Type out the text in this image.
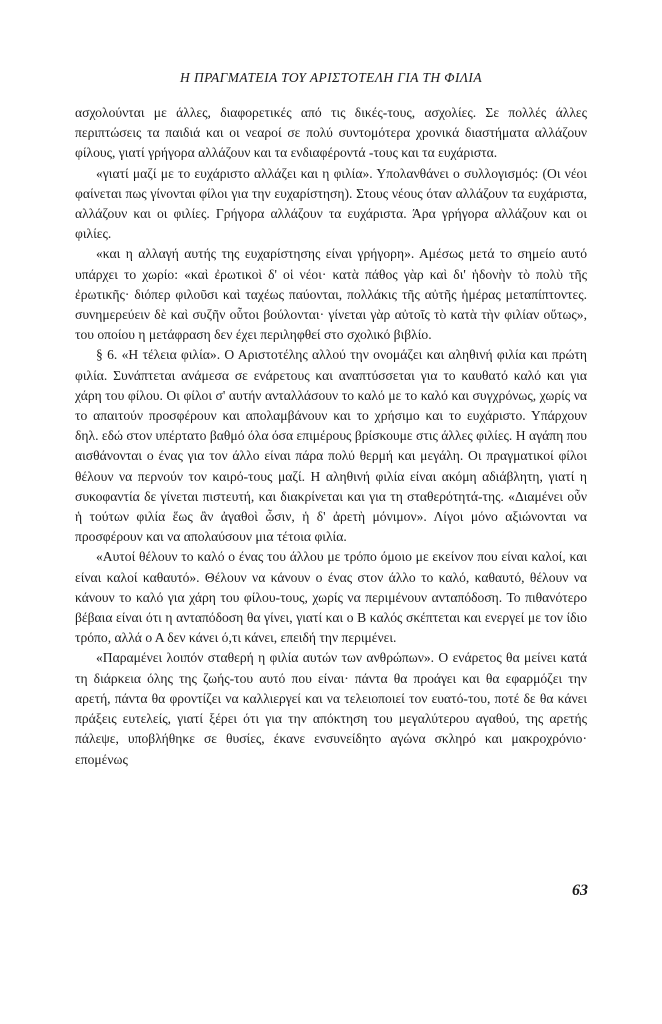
Η ΠΡΑΓΜΑΤΕΙΑ ΤΟΥ ΑΡΙΣΤΟΤΕΛΗ ΓΙΑ ΤΗ ΦΙΛΙΑ

ασχολούνται με άλλες, διαφορετικές από τις δικές-τους, ασχολίες. Σε πολλές άλλες περιπτώσεις τα παιδιά και οι νεαροί σε πολύ συντομότερα χρονικά διαστήματα αλλάζουν φίλους, γιατί γρήγορα αλλάζουν και τα ενδιαφέροντά -τους και τα ευχάριστα.

«γιατί μαζί με το ευχάριστο αλλάζει και η φιλία». Υπολανθάνει ο συλλογισμός: (Οι νέοι φαίνεται πως γίνονται φίλοι για την ευχαρίστηση). Στους νέους όταν αλλάζουν τα ευχάριστα, αλλάζουν και οι φιλίες. Γρήγορα αλλάζουν τα ευχάριστα. Άρα γρήγορα αλλάζουν και οι φιλίες.

«και η αλλαγή αυτής της ευχαρίστησης είναι γρήγορη». Αμέσως μετά το σημείο αυτό υπάρχει το χωρίο: «καὶ ἐρωτικοὶ δ' οἱ νέοι· κατὰ πάθος γὰρ καὶ δι' ἡδονὴν τὸ πολὺ τῆς ἐρωτικῆς· διόπερ φιλοῦσι καὶ ταχέως παύονται, πολλάκις τῆς αὐτῆς ἡμέρας μεταπίπτοντες. συνημερεύειν δὲ καὶ συζῆν οὗτοι βούλονται· γίνεται γὰρ αὐτοῖς τὸ κατὰ τὴν φιλίαν οὕτως», του οποίου η μετάφραση δεν έχει περιληφθεί στο σχολικό βιβλίο.

§ 6. «Η τέλεια φιλία». Ο Αριστοτέλης αλλού την ονομάζει και αληθινή φιλία και πρώτη φιλία. Συνάπτεται ανάμεσα σε ενάρετους και αναπτύσσεται για το καυθατό καλό και για χάρη του φίλου. Οι φίλοι σ' αυτήν ανταλλάσουν το καλό με το καλό και συγχρόνως, χωρίς να το απαιτούν προσφέρουν και απολαμβάνουν και το χρήσιμο και το ευχάριστο. Υπάρχουν δηλ. εδώ στον υπέρτατο βαθμό όλα όσα επιμέρους βρίσκουμε στις άλλες φιλίες. Η αγάπη που αισθάνονται ο ένας για τον άλλο είναι πάρα πολύ θερμή και μεγάλη. Οι πραγματικοί φίλοι θέλουν να περνούν τον καιρό-τους μαζί. Η αληθινή φιλία είναι ακόμη αδιάβλητη, γιατί η συκοφαντία δε γίνεται πιστευτή, και διακρίνεται και για τη σταθερότητά-της. «Διαμένει οὖν ἡ τούτων φιλία ἕως ἂν ἀγαθοὶ ὦσιν, ἡ δ' ἀρετὴ μόνιμον». Λίγοι μόνο αξιώνονται να προσφέρουν και να απολαύσουν μια τέτοια φιλία.

«Αυτοί θέλουν το καλό ο ένας του άλλου με τρόπο όμοιο με εκείνον που είναι καλοί, και είναι καλοί καθαυτό». Θέλουν να κάνουν ο ένας στον άλλο το καλό, καθαυτό, θέλουν να κάνουν το καλό για χάρη του φίλου-τους, χωρίς να περιμένουν ανταπόδοση. Το πιθανότερο βέβαια είναι ότι η ανταπόδοση θα γίνει, γιατί και ο Β καλός σκέπτεται και ενεργεί με τον ίδιο τρόπο, αλλά ο Α δεν κάνει ό,τι κάνει, επειδή την περιμένει.

«Παραμένει λοιπόν σταθερή η φιλία αυτών των ανθρώπων». Ο ενάρετος θα μείνει κατά τη διάρκεια όλης της ζωής-του αυτό που είναι· πάντα θα προάγει και θα εφαρμόζει την αρετή, πάντα θα φροντίζει να καλλιεργεί και να τελειοποιεί τον ευατό-του, ποτέ δε θα κάνει πράξεις ευτελείς, γιατί ξέρει ότι για την απόκτηση του μεγαλύτερου αγαθού, της αρετής πάλεψε, υποβλήθηκε σε θυσίες, έκανε ενσυνείδητο αγώνα σκληρό και μακροχρόνιο· επομένως

63
